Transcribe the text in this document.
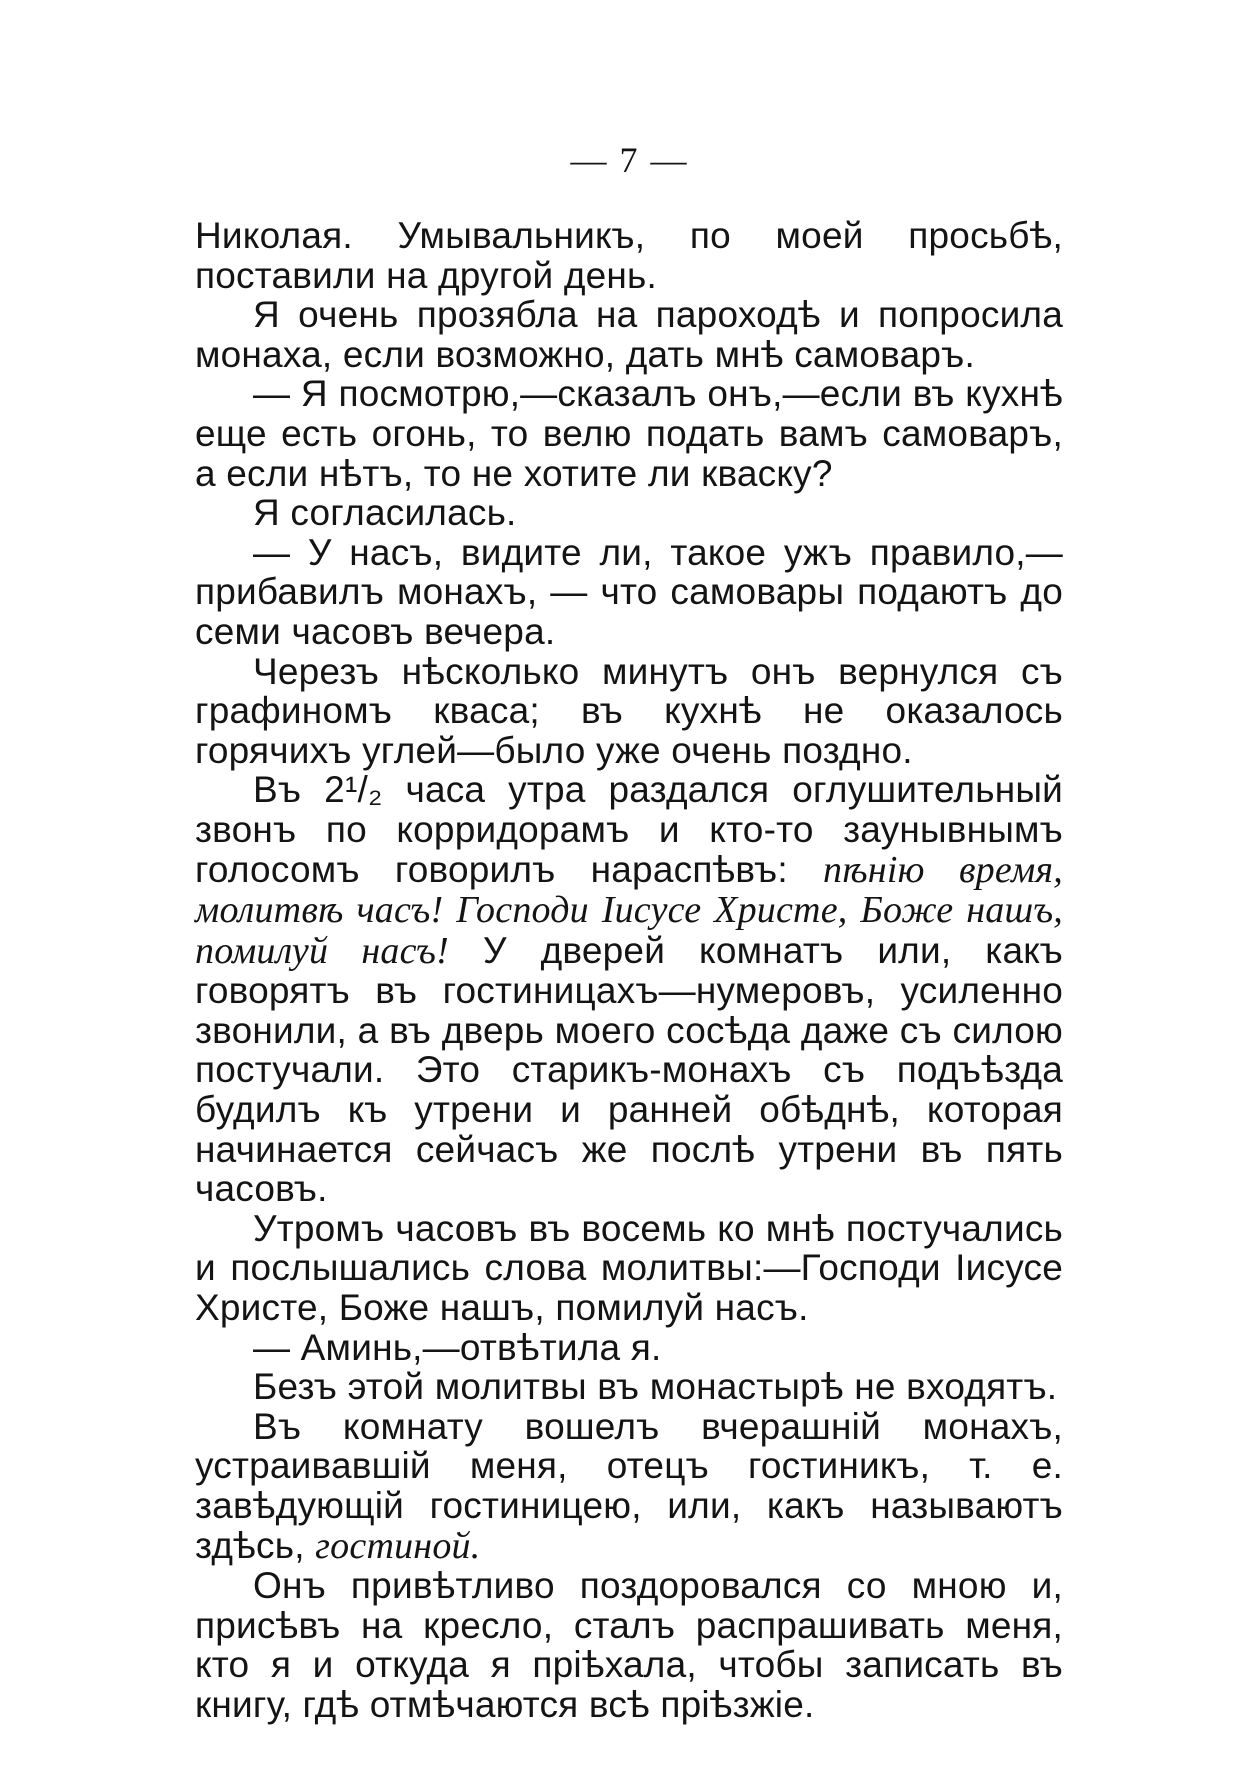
— 7 —

Николая. Умывальникъ, по моей просьбѣ, поставили на другой день.

Я очень прозябла на пароходѣ и попросила монаха, если возможно, дать мнѣ самоваръ.

— Я посмотрю,—сказалъ онъ,—если въ кухнѣ еще есть огонь, то велю подать вамъ самоваръ, а если нѣтъ, то не хотите ли кваску?

Я согласилась.

— У насъ, видите ли, такое ужъ правило,— прибавилъ монахъ, — что самовары подаютъ до семи часовъ вечера.

Черезъ нѣсколько минутъ онъ вернулся съ графиномъ кваса; въ кухнѣ не оказалось горячихъ углей—было уже очень поздно.

Въ 2¹/₂ часа утра раздался оглушительный звонъ по корридорамъ и кто-то заунывнымъ голосомъ говорилъ нараспѣвъ: пѣнію время, молитвѣ часъ! Господи Іисусе Христе, Боже нашъ, помилуй насъ! У дверей комнатъ или, какъ говорятъ въ гостиницахъ—нумеровъ, усиленно звонили, а въ дверь моего сосѣда даже съ силою постучали. Это старикъ-монахъ съ подъѣзда будилъ къ утрени и ранней обѣднѣ, которая начинается сейчасъ же послѣ утрени въ пять часовъ.

Утромъ часовъ въ восемь ко мнѣ постучались и послышались слова молитвы:—Господи Іисусе Христе, Боже нашъ, помилуй насъ.

— Аминь,—отвѣтила я.

Безъ этой молитвы въ монастырѣ не входятъ.

Въ комнату вошелъ вчерашній монахъ, устраивавшій меня, отецъ гостиникъ, т. е. завѣдующій гостиницею, или, какъ называютъ здѣсь, гостиной.

Онъ привѣтливо поздоровался со мною и, присѣвъ на кресло, сталъ распрашивать меня, кто я и откуда я пріѣхала, чтобы записать въ книгу, гдѣ отмѣчаются всѣ пріѣзжіе.
